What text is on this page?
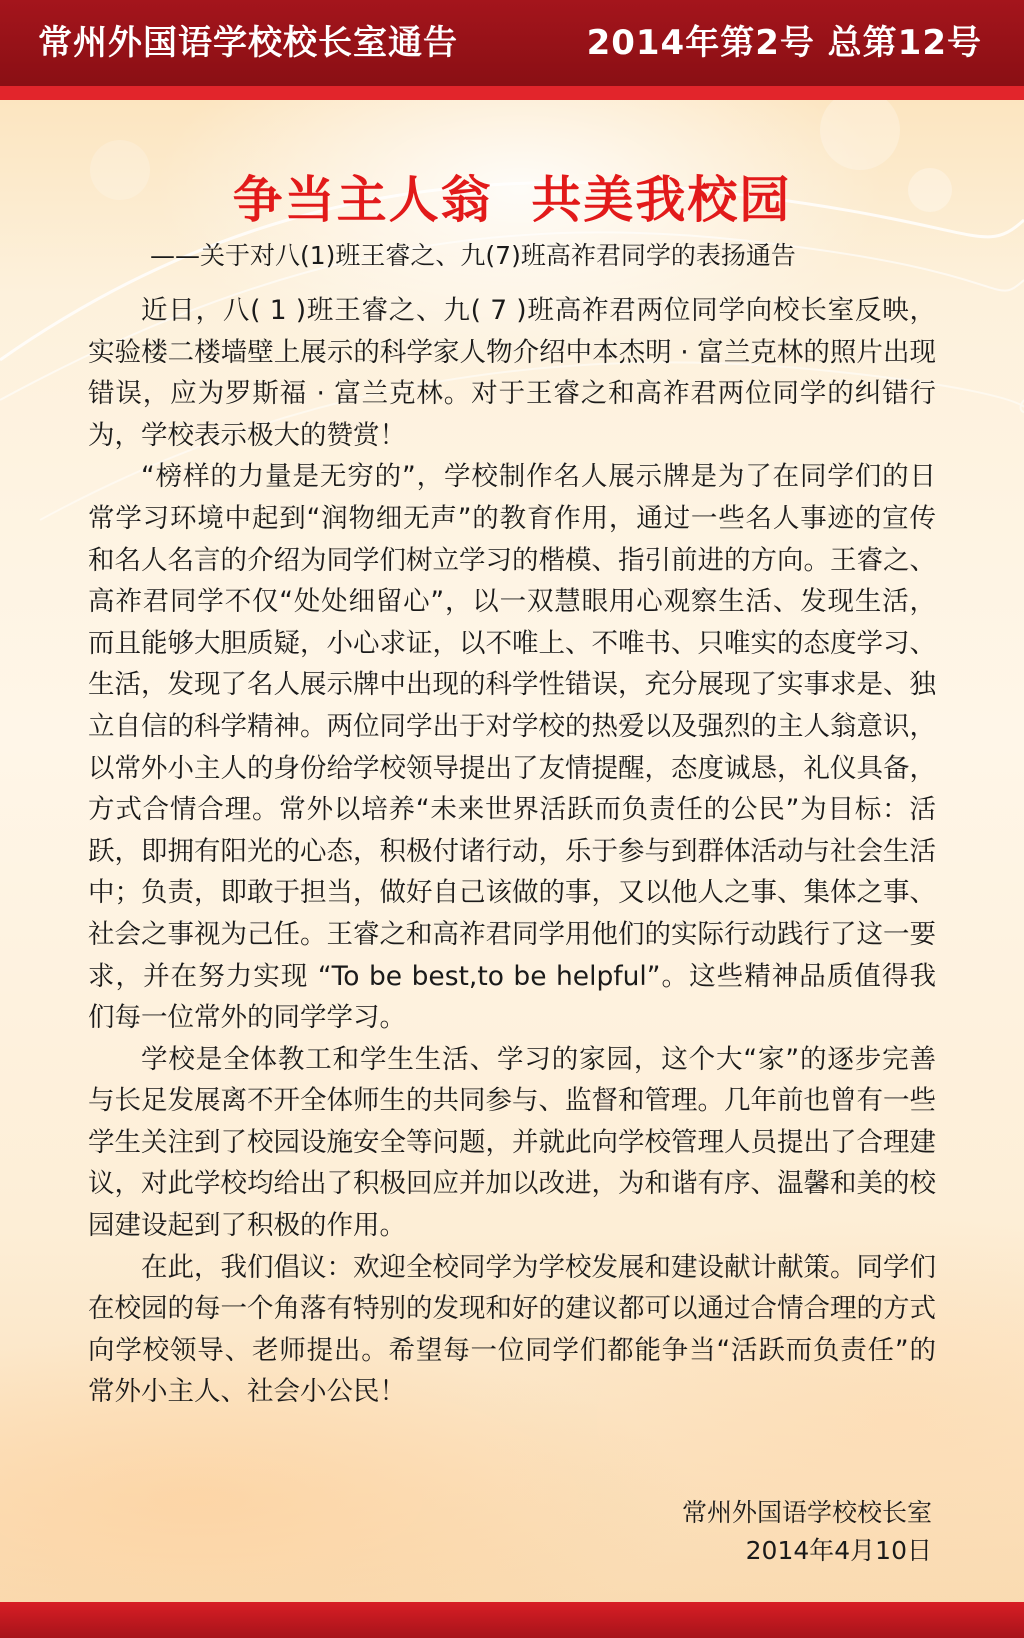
常州外国语学校校长室通告	2014年第2号 总第12号
争当主人翁  共美我校园
——关于对八(1)班王睿之、九(7)班高祚君同学的表扬通告

近日，八( 1 )班王睿之、九( 7 )班高祚君两位同学向校长室反映，实验楼二楼墙壁上展示的科学家人物介绍中本杰明 · 富兰克林的照片出现错误，应为罗斯福 · 富兰克林。对于王睿之和高祚君两位同学的纠错行为，学校表示极大的赞赏！

“榜样的力量是无穷的”，学校制作名人展示牌是为了在同学们的日常学习环境中起到“润物细无声”的教育作用，通过一些名人事迹的宣传和名人名言的介绍为同学们树立学习的楷模、指引前进的方向。王睿之、高祚君同学不仅“处处细留心”，以一双慧眼用心观察生活、发现生活，而且能够大胆质疑，小心求证，以不唯上、不唯书、只唯实的态度学习、生活，发现了名人展示牌中出现的科学性错误，充分展现了实事求是、独立自信的科学精神。两位同学出于对学校的热爱以及强烈的主人翁意识，以常外小主人的身份给学校领导提出了友情提醒，态度诚恳，礼仪具备，方式合情合理。常外以培养“未来世界活跃而负责任的公民”为目标：活跃，即拥有阳光的心态，积极付诸行动，乐于参与到群体活动与社会生活中；负责，即敢于担当，做好自己该做的事，又以他人之事、集体之事、社会之事视为己任。王睿之和高祚君同学用他们的实际行动践行了这一要求，并在努力实现 “To be best,to be helpful”。这些精神品质值得我们每一位常外的同学学习。

学校是全体教工和学生生活、学习的家园，这个大“家”的逐步完善与长足发展离不开全体师生的共同参与、监督和管理。几年前也曾有一些学生关注到了校园设施安全等问题，并就此向学校管理人员提出了合理建议，对此学校均给出了积极回应并加以改进，为和谐有序、温馨和美的校园建设起到了积极的作用。

在此，我们倡议：欢迎全校同学为学校发展和建设献计献策。同学们在校园的每一个角落有特别的发现和好的建议都可以通过合情合理的方式向学校领导、老师提出。希望每一位同学们都能争当“活跃而负责任”的常外小主人、社会小公民！

常州外国语学校校长室
2014年4月10日
